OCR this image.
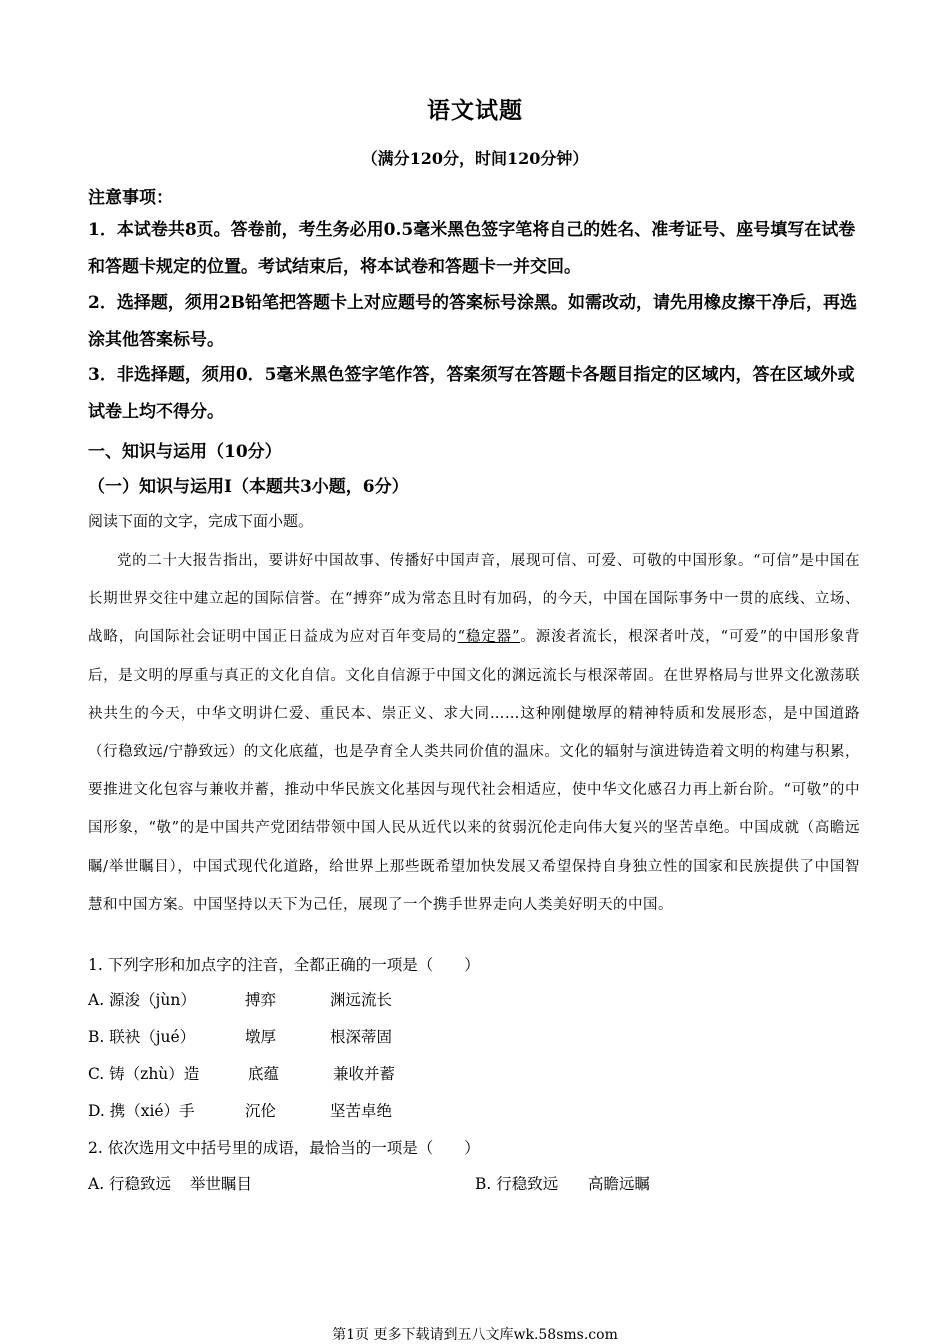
语文试题
（满分120分，时间120分钟）
注意事项：
1．本试卷共8页。答卷前，考生务必用0.5毫米黑色签字笔将自己的姓名、准考证号、座号填写在试卷和答题卡规定的位置。考试结束后，将本试卷和答题卡一并交回。
2．选择题，须用2B铅笔把答题卡上对应题号的答案标号涂黑。如需改动，请先用橡皮擦干净后，再选涂其他答案标号。
3．非选择题，须用0．5毫米黑色签字笔作答，答案须写在答题卡各题目指定的区域内，答在区域外或试卷上均不得分。
一、知识与运用（10分）
（一）知识与运用Ⅰ（本题共3小题，6分）
阅读下面的文字，完成下面小题。
党的二十大报告指出，要讲好中国故事、传播好中国声音，展现可信、可爱、可敬的中国形象。“可信”是中国在长期世界交往中建立起的国际信誉。在“搏弈”成为常态且时有加码，的今天，中国在国际事务中一贯的底线、立场、战略，向国际社会证明中国正日益成为应对百年变局的“稳定器”。源浚者流长，根深者叶茂，“可爱”的中国形象背后，是文明的厚重与真正的文化自信。文化自信源于中国文化的渊远流长与根深蒂固。在世界格局与世界文化激荡联袂共生的今天，中华文明讲仁爱、重民本、崇正义、求大同……这种刚健墩厚的精神特质和发展形态，是中国道路（行稳致远/宁静致远）的文化底蕴，也是孕育全人类共同价值的温床。文化的辐射与演进铸造着文明的构建与积累，要推进文化包容与兼收并蓄，推动中华民族文化基因与现代社会相适应，使中华文化感召力再上新台阶。“可敬”的中国形象，“敬”的是中国共产党团结带领中国人民从近代以来的贫弱沉伦走向伟大复兴的坚苦卓绝。中国成就（高瞻远瞩/举世瞩目），中国式现代化道路，给世界上那些既希望加快发展又希望保持自身独立性的国家和民族提供了中国智慧和中国方案。中国坚持以天下为己任，展现了一个携手世界走向人类美好明天的中国。
1. 下列字形和加点字的注音，全都正确的一项是（　　）
A. 源浚（jùn）	搏弈	渊远流长
B. 联袂（jué）	墩厚	根深蒂固
C. 铸（zhù）造	底蕴	兼收并蓄
D. 携（xié）手	沉伦	坚苦卓绝
2. 依次选用文中括号里的成语，最恰当的一项是（　　）
A. 行稳致远 举世瞩目	B. 行稳致远 高瞻远瞩
第1页 更多下载请到五八文库wk.58sms.com
